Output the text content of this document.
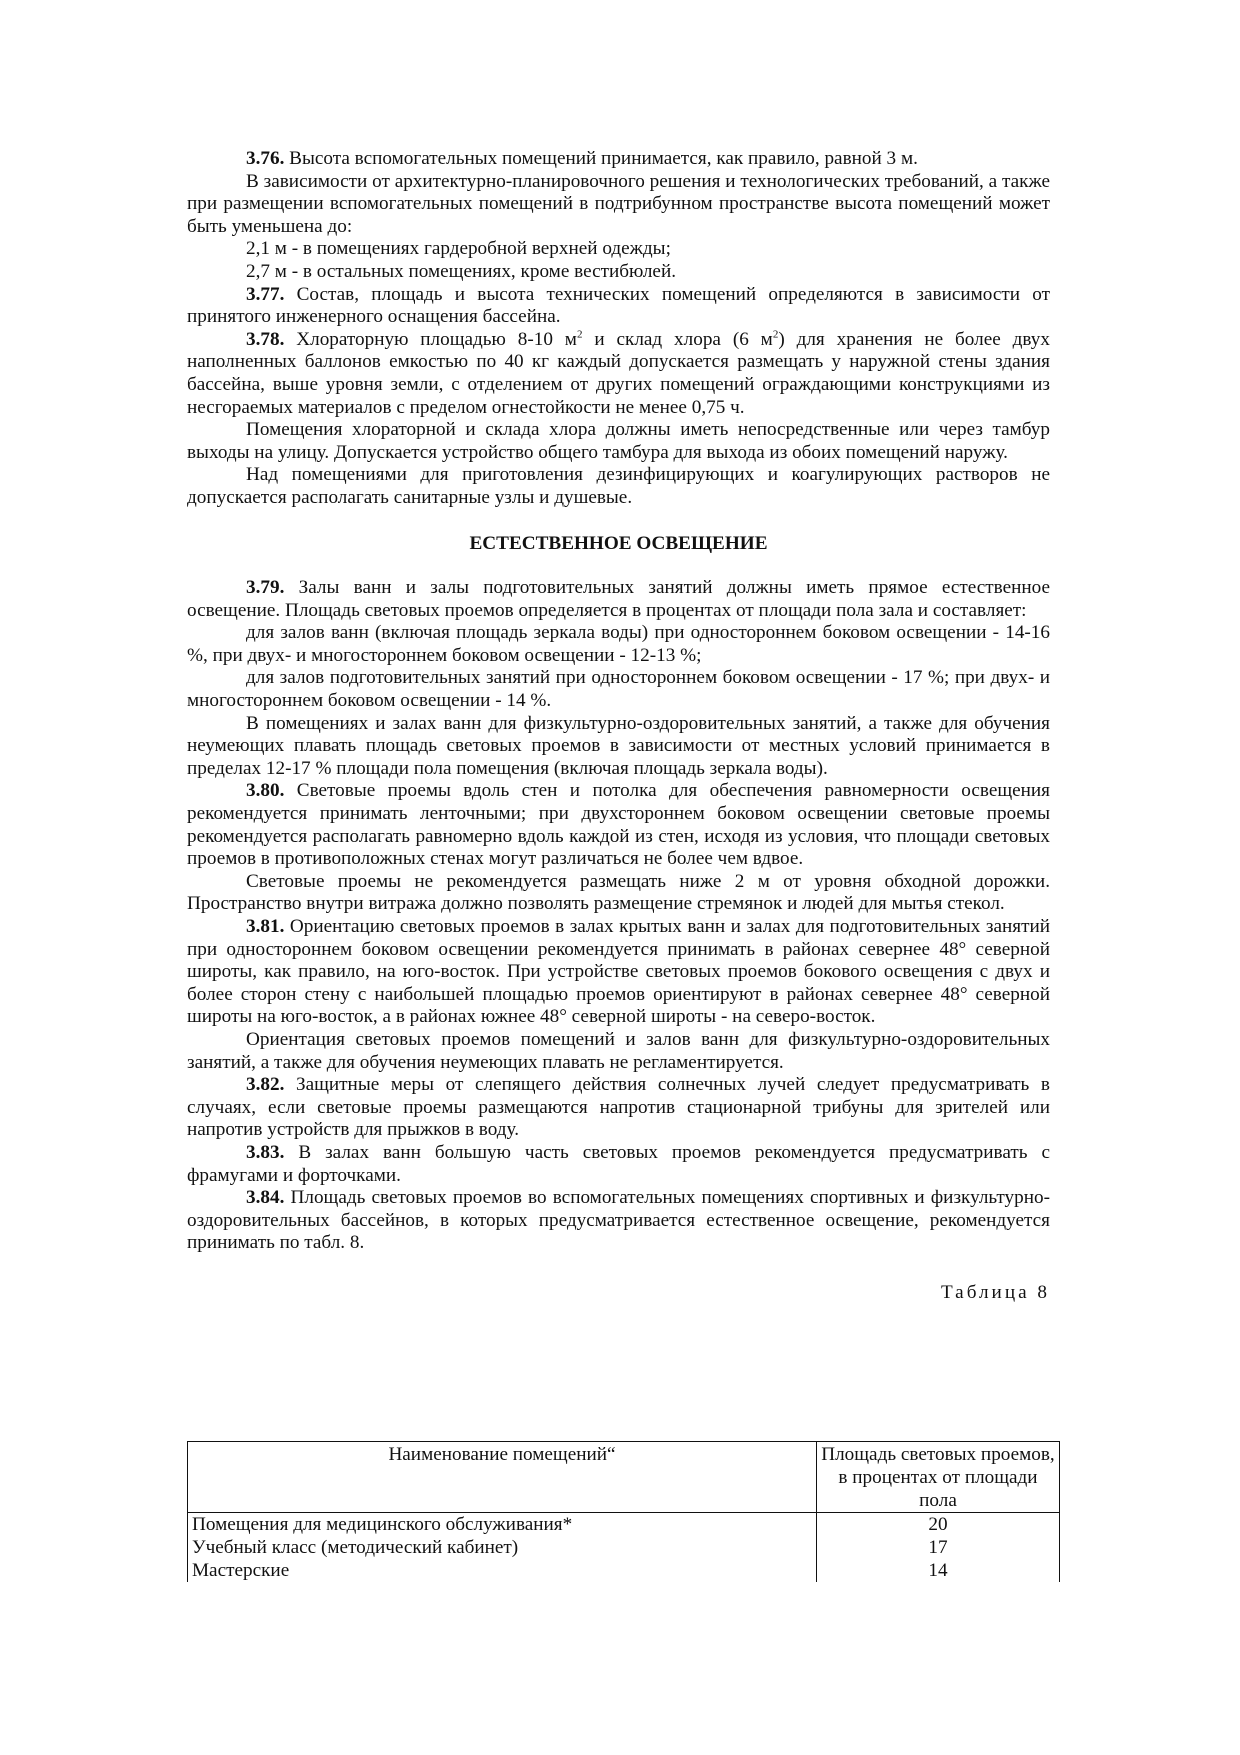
3.76. Высота вспомогательных помещений принимается, как правило, равной 3 м.

В зависимости от архитектурно-планировочного решения и технологических требований, а также при размещении вспомогательных помещений в подтрибунном пространстве высота помещений может быть уменьшена до:

2,1 м - в помещениях гардеробной верхней одежды;

2,7 м - в остальных помещениях, кроме вестибюлей.

3.77. Состав, площадь и высота технических помещений определяются в зависимости от принятого инженерного оснащения бассейна.

3.78. Хлораторную площадью 8-10 $м^2$ и склад хлора (6 $м^2$) для хранения не более двух наполненных баллонов емкостью по 40 кг каждый допускается размещать у наружной стены здания бассейна, выше уровня земли, с отделением от других помещений ограждающими конструкциями из несгораемых материалов с пределом огнестойкости не менее 0,75 ч.

Помещения хлораторной и склада хлора должны иметь непосредственные или через тамбур выходы на улицу. Допускается устройство общего тамбура для выхода из обоих помещений наружу.

Над помещениями для приготовления дезинфицирующих и коагулирующих растворов не допускается располагать санитарные узлы и душевые.

ЕСТЕСТВЕННОЕ ОСВЕЩЕНИЕ

3.79. Залы ванн и залы подготовительных занятий должны иметь прямое естественное освещение. Площадь световых проемов определяется в процентах от площади пола зала и составляет:

для залов ванн (включая площадь зеркала воды) при одностороннем боковом освещении - 14-16 %, при двух- и многостороннем боковом освещении - 12-13 %;

для залов подготовительных занятий при одностороннем боковом освещении - 17 %; при двух- и многостороннем боковом освещении - 14 %.

В помещениях и залах ванн для физкультурно-оздоровительных занятий, а также для обучения неумеющих плавать площадь световых проемов в зависимости от местных условий принимается в пределах 12-17 % площади пола помещения (включая площадь зеркала воды).

3.80. Световые проемы вдоль стен и потолка для обеспечения равномерности освещения рекомендуется принимать ленточными; при двухстороннем боковом освещении световые проемы рекомендуется располагать равномерно вдоль каждой из стен, исходя из условия, что площади световых проемов в противоположных стенах могут различаться не более чем вдвое.

Световые проемы не рекомендуется размещать ниже 2 м от уровня обходной дорожки. Пространство внутри витража должно позволять размещение стремянок и людей для мытья стекол.

3.81. Ориентацию световых проемов в залах крытых ванн и залах для подготовительных занятий при одностороннем боковом освещении рекомендуется принимать в районах севернее 48° северной широты, как правило, на юго-восток. При устройстве световых проемов бокового освещения с двух и более сторон стену с наибольшей площадью проемов ориентируют в районах севернее 48° северной широты на юго-восток, а в районах южнее 48° северной широты - на северо-восток.

Ориентация световых проемов помещений и залов ванн для физкультурно-оздоровительных занятий, а также для обучения неумеющих плавать не регламентируется.

3.82. Защитные меры от слепящего действия солнечных лучей следует предусматривать в случаях, если световые проемы размещаются напротив стационарной трибуны для зрителей или напротив устройств для прыжков в воду.

3.83. В залах ванн большую часть световых проемов рекомендуется предусматривать с фрамугами и форточками.

3.84. Площадь световых проемов во вспомогательных помещениях спортивных и физкультурно-оздоровительных бассейнов, в которых предусматривается естественное освещение, рекомендуется принимать по табл. 8.

Таблица 8

Наименование помещений“	Площадь световых проемов, в процентах от площади пола
Помещения для медицинского обслуживания*	20
Учебный класс (методический кабинет)	17
Мастерские	14
